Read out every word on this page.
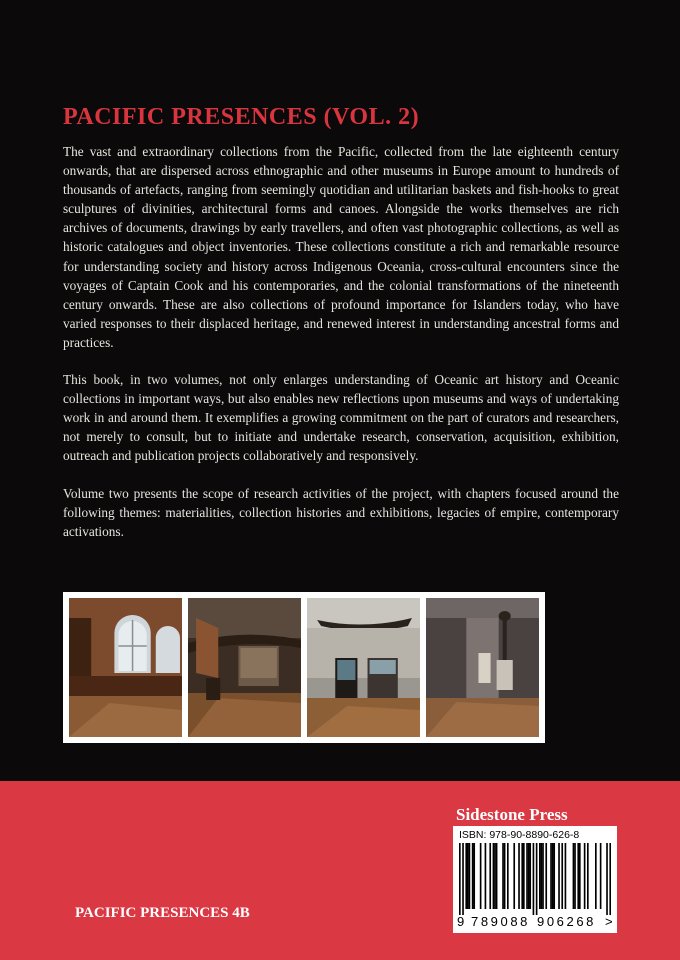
PACIFIC PRESENCES (VOL. 2)

The vast and extraordinary collections from the Pacific, collected from the late eighteenth century onwards, that are dispersed across ethnographic and other museums in Europe amount to hundreds of thousands of artefacts, ranging from seemingly quotidian and utilitarian baskets and fish-hooks to great sculptures of divinities, architectural forms and canoes. Alongside the works themselves are rich archives of documents, drawings by early travellers, and often vast photographic collections, as well as historic catalogues and object inventories. These collections constitute a rich and remarkable resource for understanding society and history across Indigenous Oceania, cross-cultural encounters since the voyages of Captain Cook and his contemporaries, and the colonial transformations of the nineteenth century onwards. These are also collections of profound importance for Islanders today, who have varied responses to their displaced heritage, and renewed interest in understanding ancestral forms and practices.

This book, in two volumes, not only enlarges understanding of Oceanic art history and Oceanic collections in important ways, but also enables new reflections upon museums and ways of undertaking work in and around them. It exemplifies a growing commitment on the part of curators and researchers, not merely to consult, but to initiate and undertake research, conservation, acquisition, exhibition, outreach and publication projects collaboratively and responsively.

Volume two presents the scope of research activities of the project, with chapters focused around the following themes: materialities, collection histories and exhibitions, legacies of empire, contemporary activations.

Sidestone Press
ISBN: 978-90-8890-626-8
9 789088 906268 >
PACIFIC PRESENCES 4B
